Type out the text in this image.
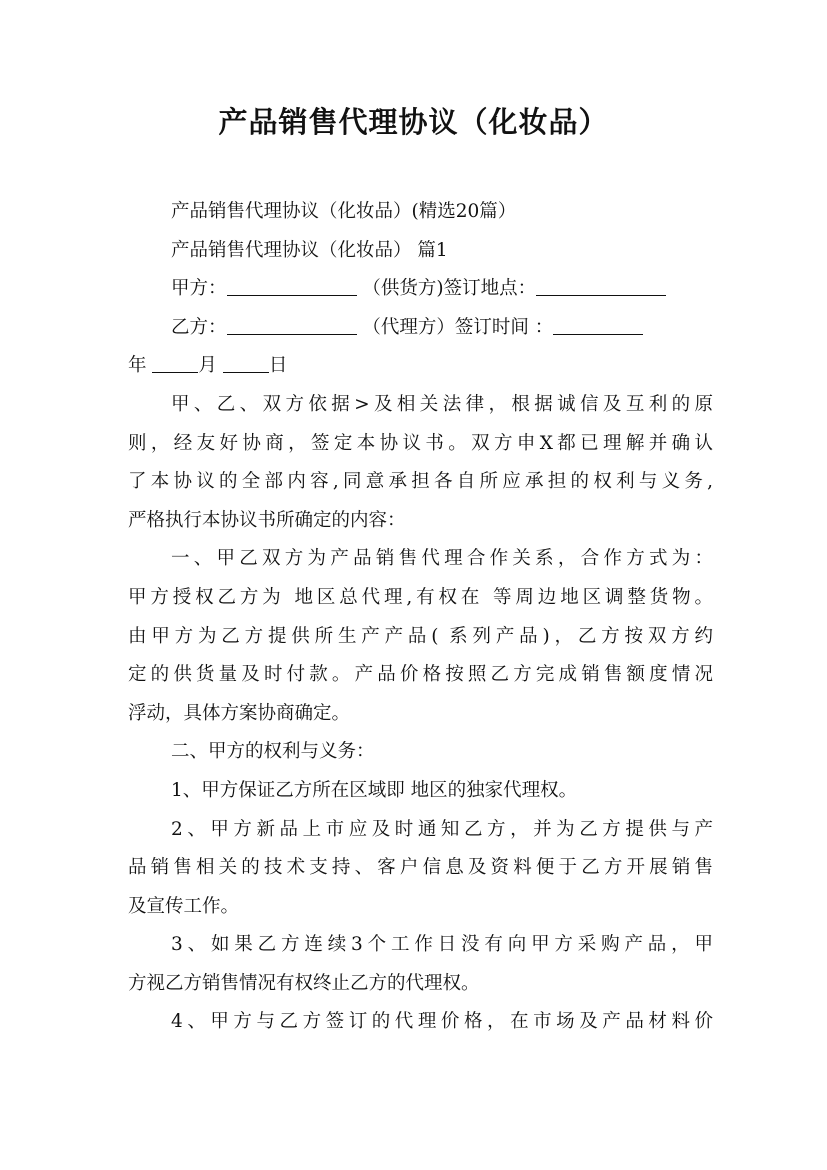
产品销售代理协议（化妆品）
产品销售代理协议（化妆品）(精选20篇）
产品销售代理协议（化妆品） 篇1
甲方：	（供货方)签订地点：
乙方：	（代理方）签订时间 ：
年	月	日
甲、乙、双方依据>及相关法律，根据诚信及互利的原
则，经友好协商，签定本协议书。双方申X都已理解并确认
了本协议的全部内容,同意承担各自所应承担的权利与义务,
严格执行本协议书所确定的内容：
一、甲乙双方为产品销售代理合作关系，合作方式为：
甲方授权乙方为 地区总代理,有权在 等周边地区调整货物。
由甲方为乙方提供所生产产品( 系列产品)，乙方按双方约
定的供货量及时付款。产品价格按照乙方完成销售额度情况
浮动，具体方案协商确定。
二、甲方的权利与义务：
1、甲方保证乙方所在区域即 地区的独家代理权。
2、甲方新品上市应及时通知乙方，并为乙方提供与产
品销售相关的技术支持、客户信息及资料便于乙方开展销售
及宣传工作。
3、如果乙方连续3个工作日没有向甲方采购产品，甲
方视乙方销售情况有权终止乙方的代理权。
4、甲方与乙方签订的代理价格，在市场及产品材料价
